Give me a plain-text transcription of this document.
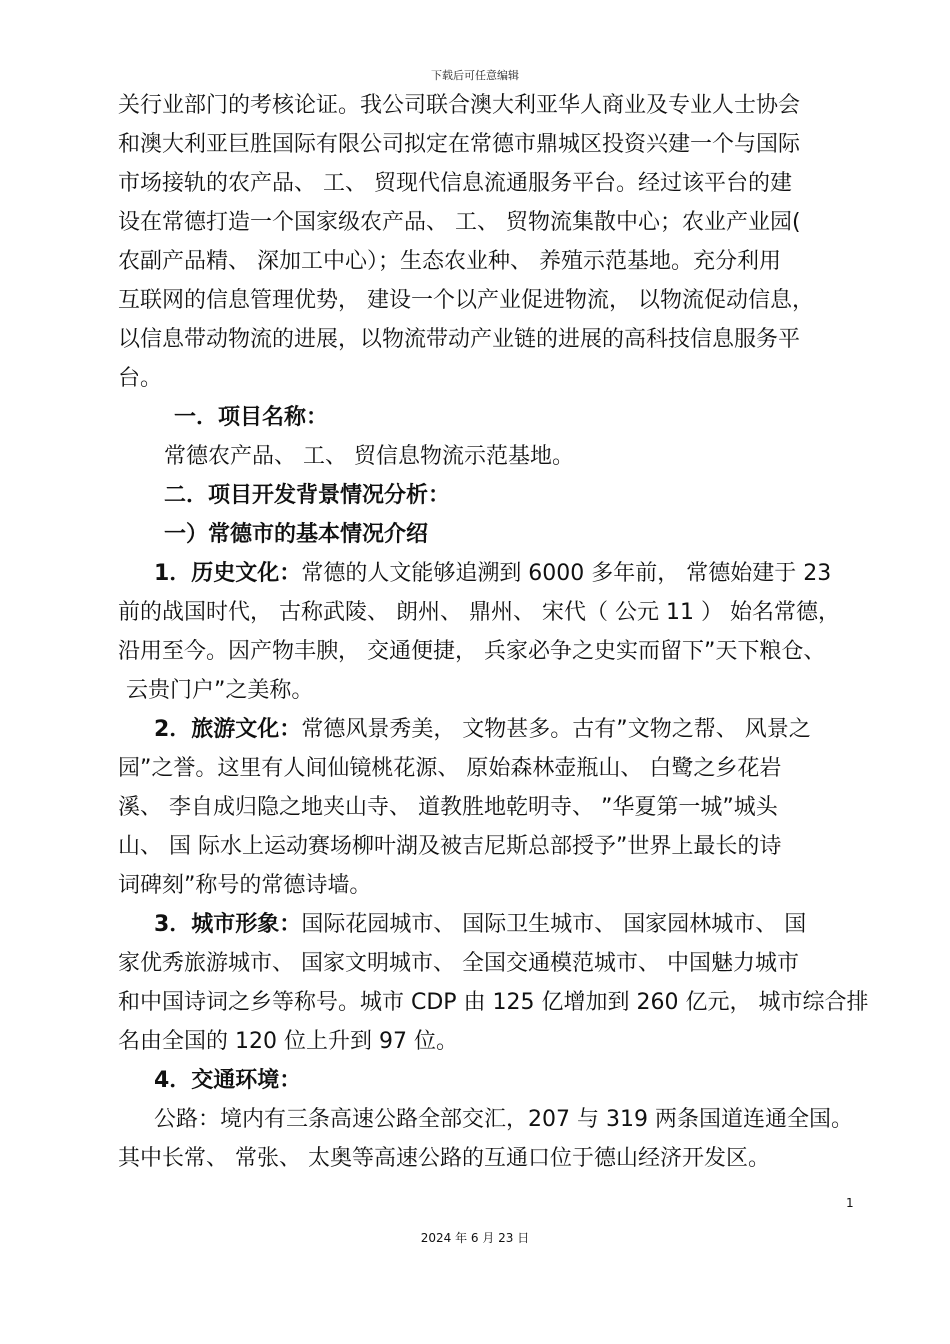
下载后可任意编辑

关行业部门的考核论证。我公司联合澳大利亚华人商业及专业人士协会

和澳大利亚巨胜国际有限公司拟定在常德市鼎城区投资兴建一个与国际

市场接轨的农产品、 工、 贸现代信息流通服务平台。经过该平台的建

设在常德打造一个国家级农产品、 工、 贸物流集散中心；农业产业园(

农副产品精、 深加工中心）；生态农业种、 养殖示范基地。充分利用

互联网的信息管理优势， 建设一个以产业促进物流， 以物流促动信息，

以信息带动物流的进展，以物流带动产业链的进展的高科技信息服务平

台。

一．项目名称：

常德农产品、 工、 贸信息物流示范基地。

二．项目开发背景情况分析：

一）常德市的基本情况介绍

1．历史文化：常德的人文能够追溯到 6000 多年前， 常德始建于 23

前的战国时代， 古称武陵、 朗州、 鼎州、 宋代（ 公元 11 ） 始名常德，

沿用至今。因产物丰腴， 交通便捷， 兵家必争之史实而留下”天下粮仓、

云贵门户”之美称。

2．旅游文化：常德风景秀美， 文物甚多。古有”文物之帮、 风景之

园”之誉。这里有人间仙镜桃花源、 原始森林壶瓶山、 白鹭之乡花岩

溪、 李自成归隐之地夹山寺、 道教胜地乾明寺、 ”华夏第一城”城头

山、 国 际水上运动赛场柳叶湖及被吉尼斯总部授予”世界上最长的诗

词碑刻”称号的常德诗墙。

3．城市形象：国际花园城市、 国际卫生城市、 国家园林城市、 国

家优秀旅游城市、 国家文明城市、 全国交通模范城市、 中国魅力城市

和中国诗词之乡等称号。城市 CDP 由 125 亿增加到 260 亿元， 城市综合排

名由全国的 120 位上升到 97 位。

4．交通环境：

公路：境内有三条高速公路全部交汇，207 与 319 两条国道连通全国。

其中长常、 常张、 太奥等高速公路的互通口位于德山经济开发区。

1
2024 年 6 月 23 日
